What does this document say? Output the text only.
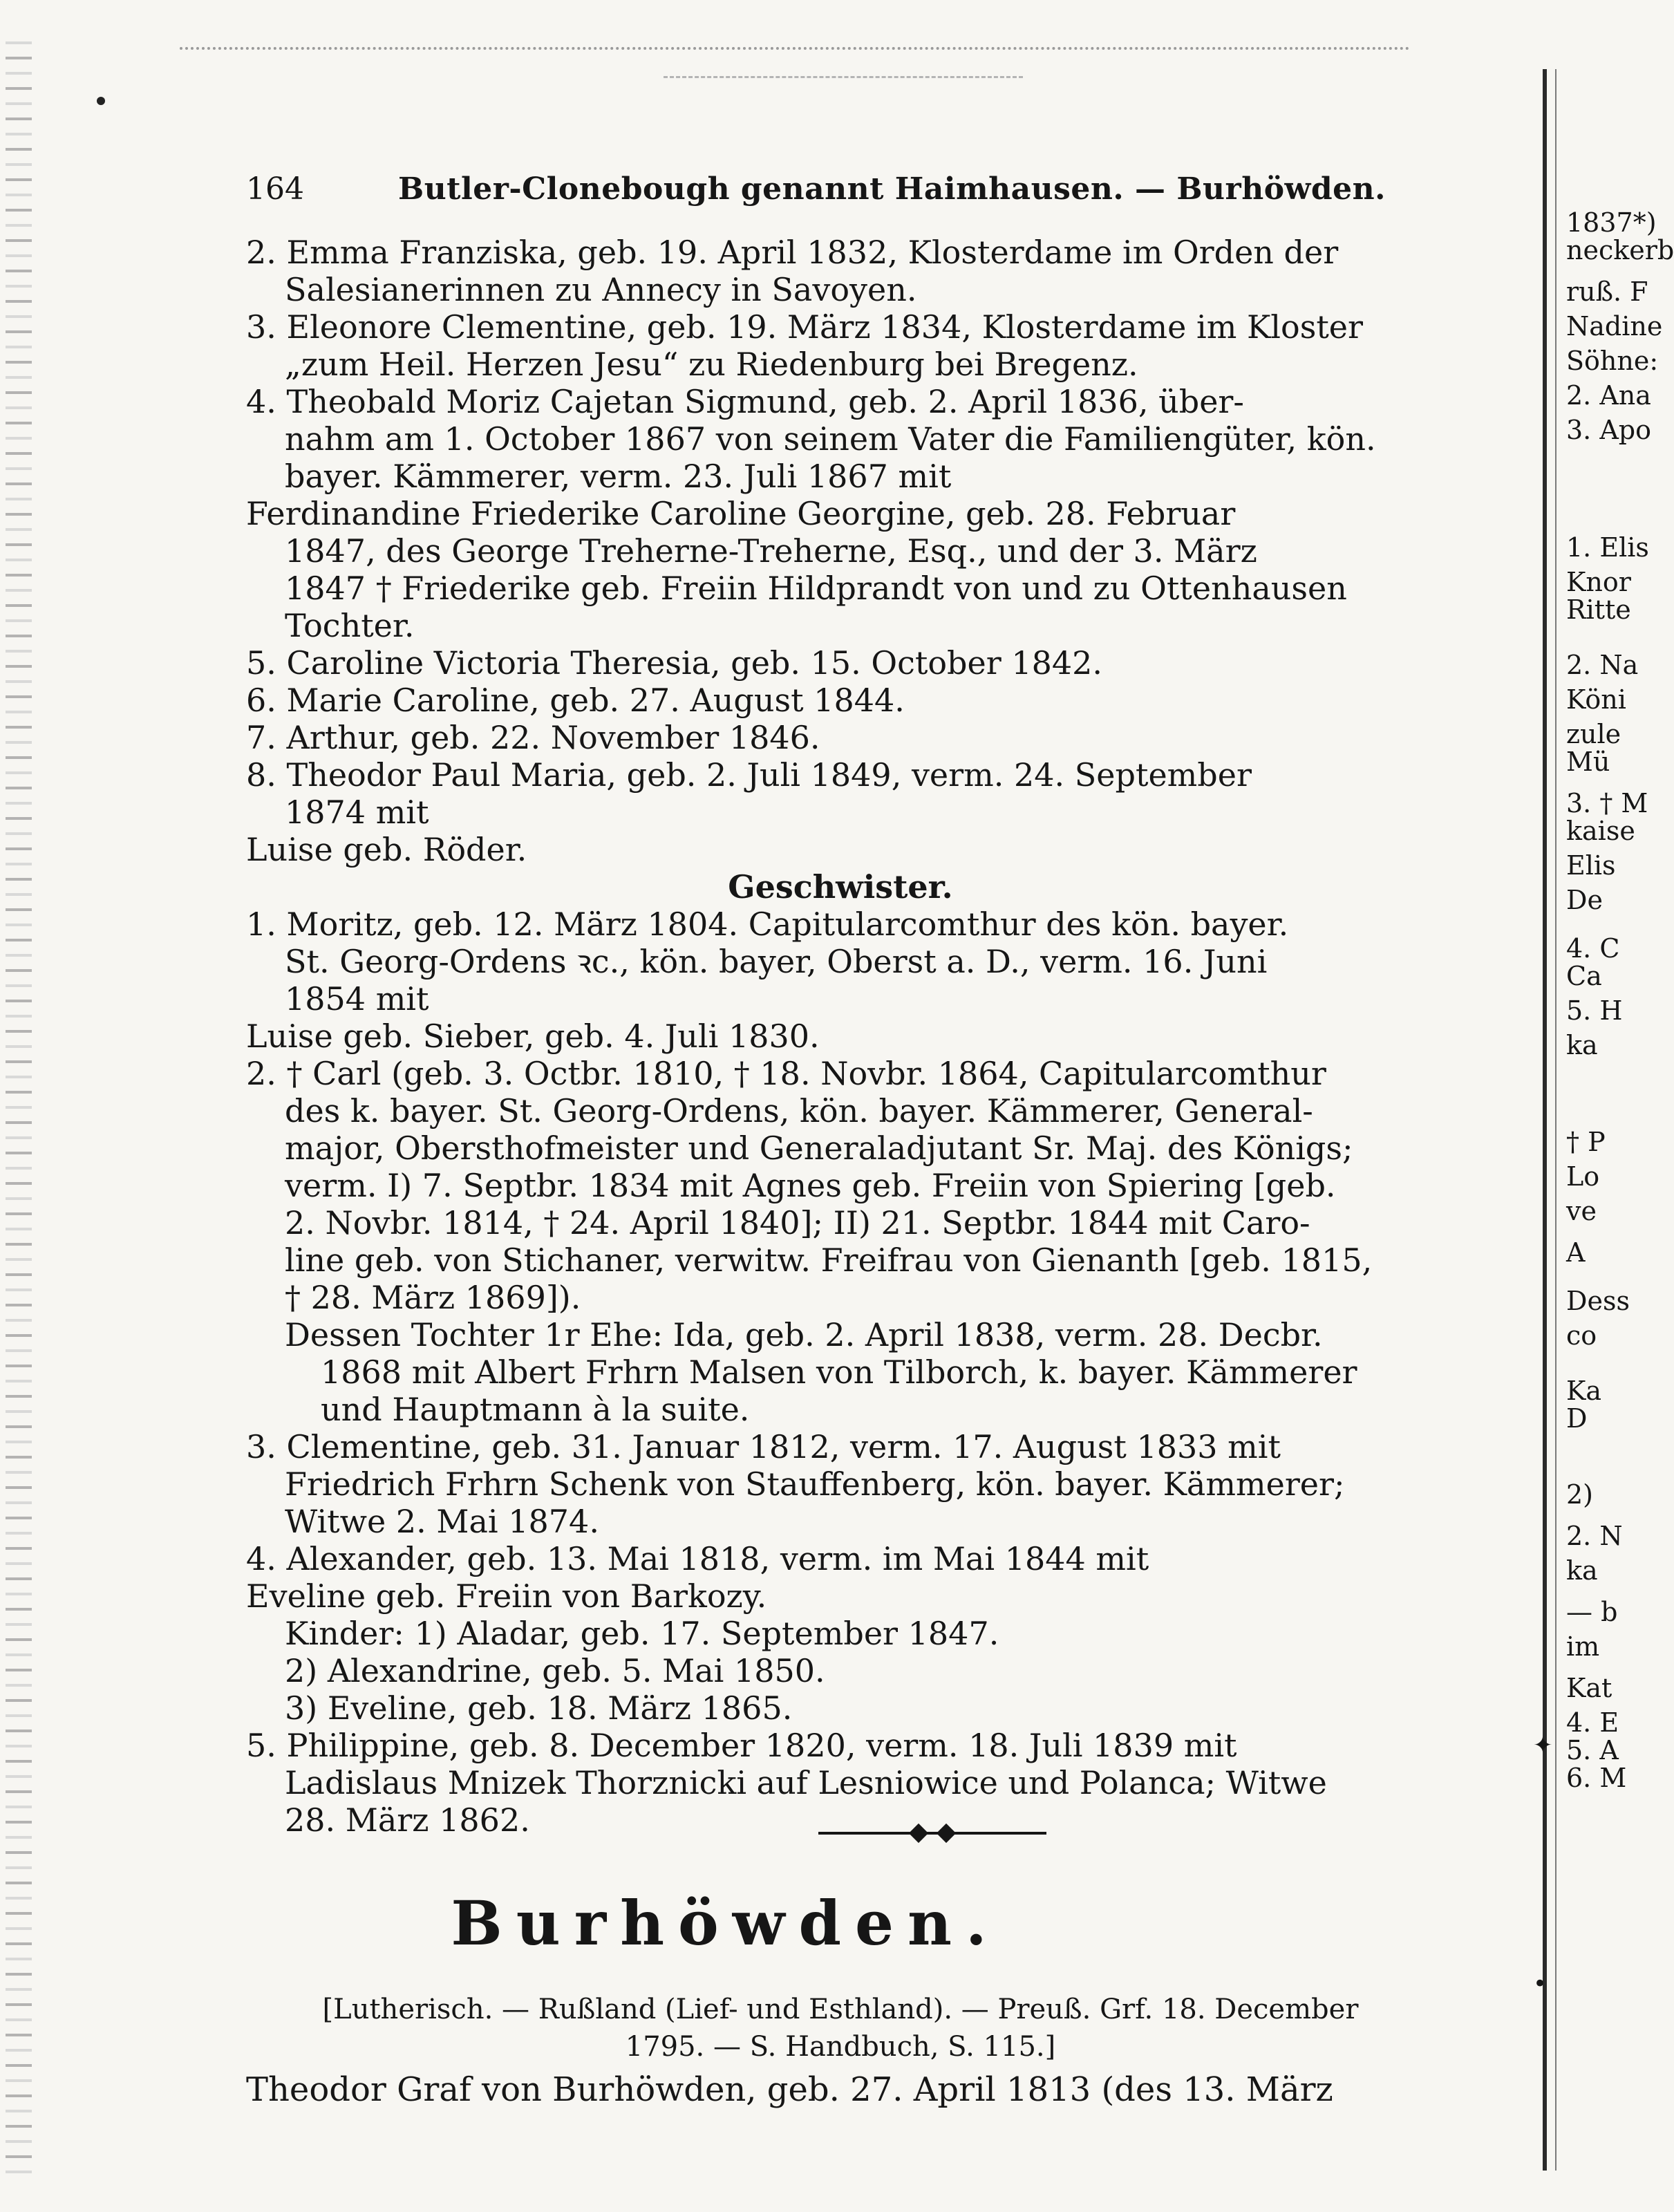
164	Butler-Clonebough genannt Haimhausen. — Burhöwden.
2. Emma Franziska, geb. 19. April 1832, Klosterdame im Orden der
Salesianerinnen zu Annecy in Savoyen.
3. Eleonore Clementine, geb. 19. März 1834, Klosterdame im Kloster
„zum Heil. Herzen Jesu“ zu Riedenburg bei Bregenz.
4. Theobald Moriz Cajetan Sigmund, geb. 2. April 1836, über-
nahm am 1. October 1867 von seinem Vater die Familiengüter, kön.
bayer. Kämmerer, verm. 23. Juli 1867 mit
Ferdinandine Friederike Caroline Georgine, geb. 28. Februar
1847, des George Treherne-Treherne, Esq., und der 3. März
1847 † Friederike geb. Freiin Hildprandt von und zu Ottenhausen
Tochter.
5. Caroline Victoria Theresia, geb. 15. October 1842.
6. Marie Caroline, geb. 27. August 1844.
7. Arthur, geb. 22. November 1846.
8. Theodor Paul Maria, geb. 2. Juli 1849, verm. 24. September
1874 mit
Luise geb. Röder.
Geschwister.
1. Moritz, geb. 12. März 1804. Capitularcomthur des kön. bayer.
St. Georg-Ordens ꝛc., kön. bayer, Oberst a. D., verm. 16. Juni
1854 mit
Luise geb. Sieber, geb. 4. Juli 1830.
2. † Carl (geb. 3. Octbr. 1810, † 18. Novbr. 1864, Capitularcomthur
des k. bayer. St. Georg-Ordens, kön. bayer. Kämmerer, General-
major, Obersthofmeister und Generaladjutant Sr. Maj. des Königs;
verm. I) 7. Septbr. 1834 mit Agnes geb. Freiin von Spiering [geb.
2. Novbr. 1814, † 24. April 1840]; II) 21. Septbr. 1844 mit Caro-
line geb. von Stichaner, verwitw. Freifrau von Gienanth [geb. 1815,
† 28. März 1869]).
Dessen Tochter 1r Ehe: Ida, geb. 2. April 1838, verm. 28. Decbr.
1868 mit Albert Frhrn Malsen von Tilborch, k. bayer. Kämmerer
und Hauptmann à la suite.
3. Clementine, geb. 31. Januar 1812, verm. 17. August 1833 mit
Friedrich Frhrn Schenk von Stauffenberg, kön. bayer. Kämmerer;
Witwe 2. Mai 1874.
4. Alexander, geb. 13. Mai 1818, verm. im Mai 1844 mit
Eveline geb. Freiin von Barkozy.
Kinder: 1) Aladar, geb. 17. September 1847.
2) Alexandrine, geb. 5. Mai 1850.
3) Eveline, geb. 18. März 1865.
5. Philippine, geb. 8. December 1820, verm. 18. Juli 1839 mit
Ladislaus Mnizek Thorznicki auf Lesniowice und Polanca; Witwe
28. März 1862.
Burhöwden.
[Lutherisch. — Rußland (Lief- und Esthland). — Preuß. Grf. 18. December
1795. — S. Handbuch, S. 115.]
Theodor Graf von Burhöwden, geb. 27. April 1813 (des 13. März
1837*)
neckerb
ruß. F
Nadine
Söhne:
2. Ana
3. Apo
1. Elis
Knor
Ritte
2. Na
Köni
zule
Mü
3. † M
kaise
Elis
De
4. C
Ca
5. H
ka
† P
Lo
ve
A
Dess
co
Ka
D
2)
2. N
ka
— b
im
Kat
4. E
5. A
6. M
✦
•
